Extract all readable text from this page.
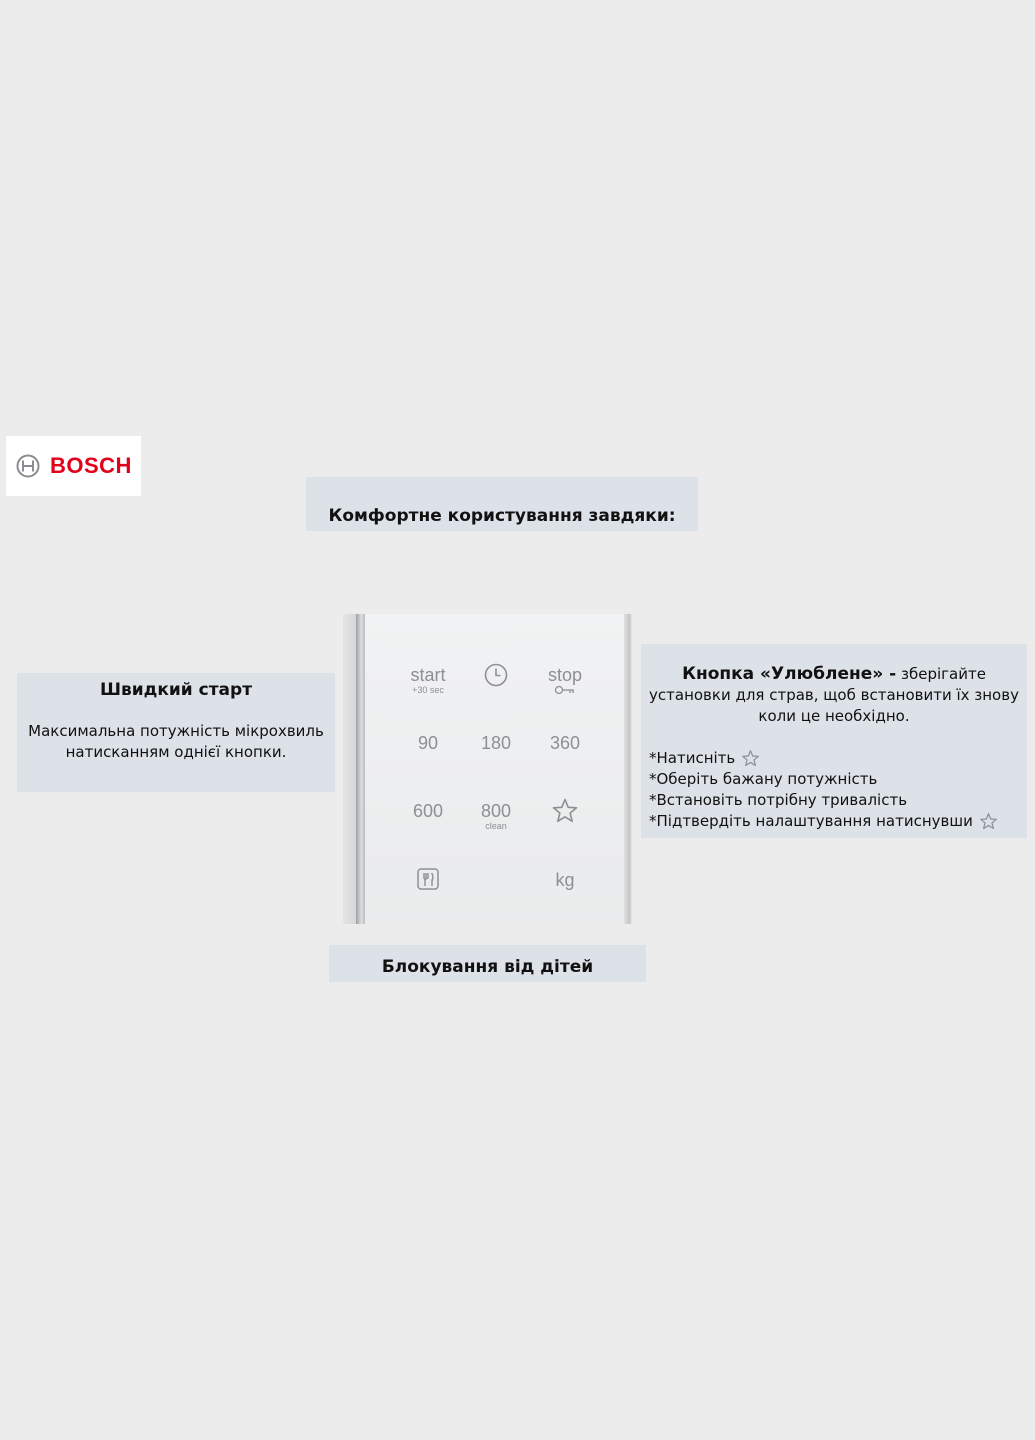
BOSCH
Комфортне користування завдяки:
Швидкий старт
Максимальна потужність мікрохвиль натисканням однієї кнопки.
start
+30 sec
stop
90	180	360
600	800
clean
kg
Кнопка «Улюблене» - зберігайте установки для страв, щоб встановити їх знову коли це необхідно.
*Натисніть
*Оберіть бажану потужність
*Встановіть потрібну тривалість
*Підтвердіть налаштування натиснувши
Блокування від дітей
